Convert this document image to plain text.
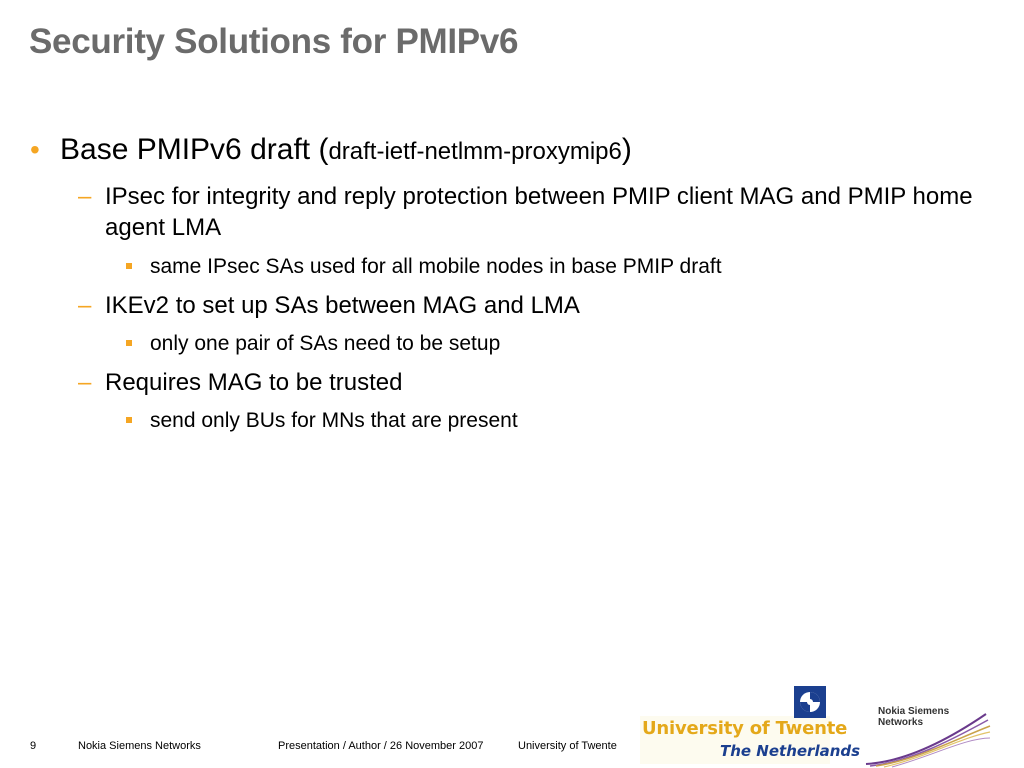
Security Solutions for PMIPv6
• Base PMIPv6 draft (draft-ietf-netlmm-proxymip6)
– IPsec for integrity and reply protection between PMIP client MAG and PMIP home agent LMA
same IPsec SAs used for all mobile nodes in base PMIP draft
– IKEv2 to set up SAs between MAG and LMA
only one pair of SAs need to be setup
– Requires MAG to be trusted
send only BUs for MNs that are present
9	Nokia Siemens Networks	Presentation / Author / 26 November 2007	University of Twente
University of Twente
The Netherlands
Nokia Siemens
Networks
